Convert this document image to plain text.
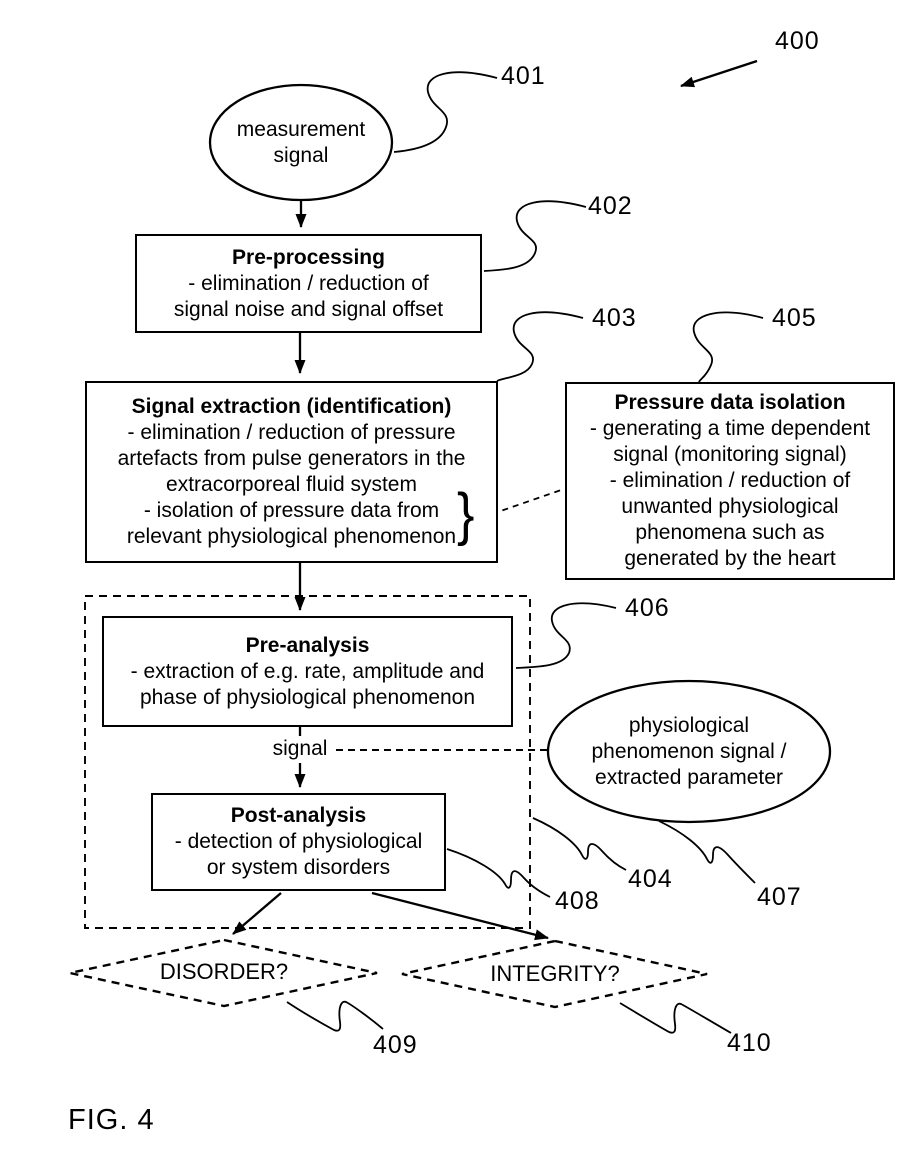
measurement
signal
Pre-processing
- elimination / reduction of
signal noise and signal offset
Signal extraction (identification)
- elimination / reduction of pressure
artefacts from pulse generators in the
extracorporeal fluid system
- isolation of pressure data from
relevant physiological phenomenon }
Pressure data isolation
- generating a time dependent
signal (monitoring signal)
- elimination / reduction of
unwanted physiological
phenomena such as
generated by the heart
Pre-analysis
- extraction of e.g. rate, amplitude and
phase of physiological phenomenon
signal
physiological
phenomenon signal /
extracted parameter
Post-analysis
- detection of physiological
or system disorders
DISORDER?	INTEGRITY?
400
401
402
403	405
406
404
407
408
409	410
FIG. 4
